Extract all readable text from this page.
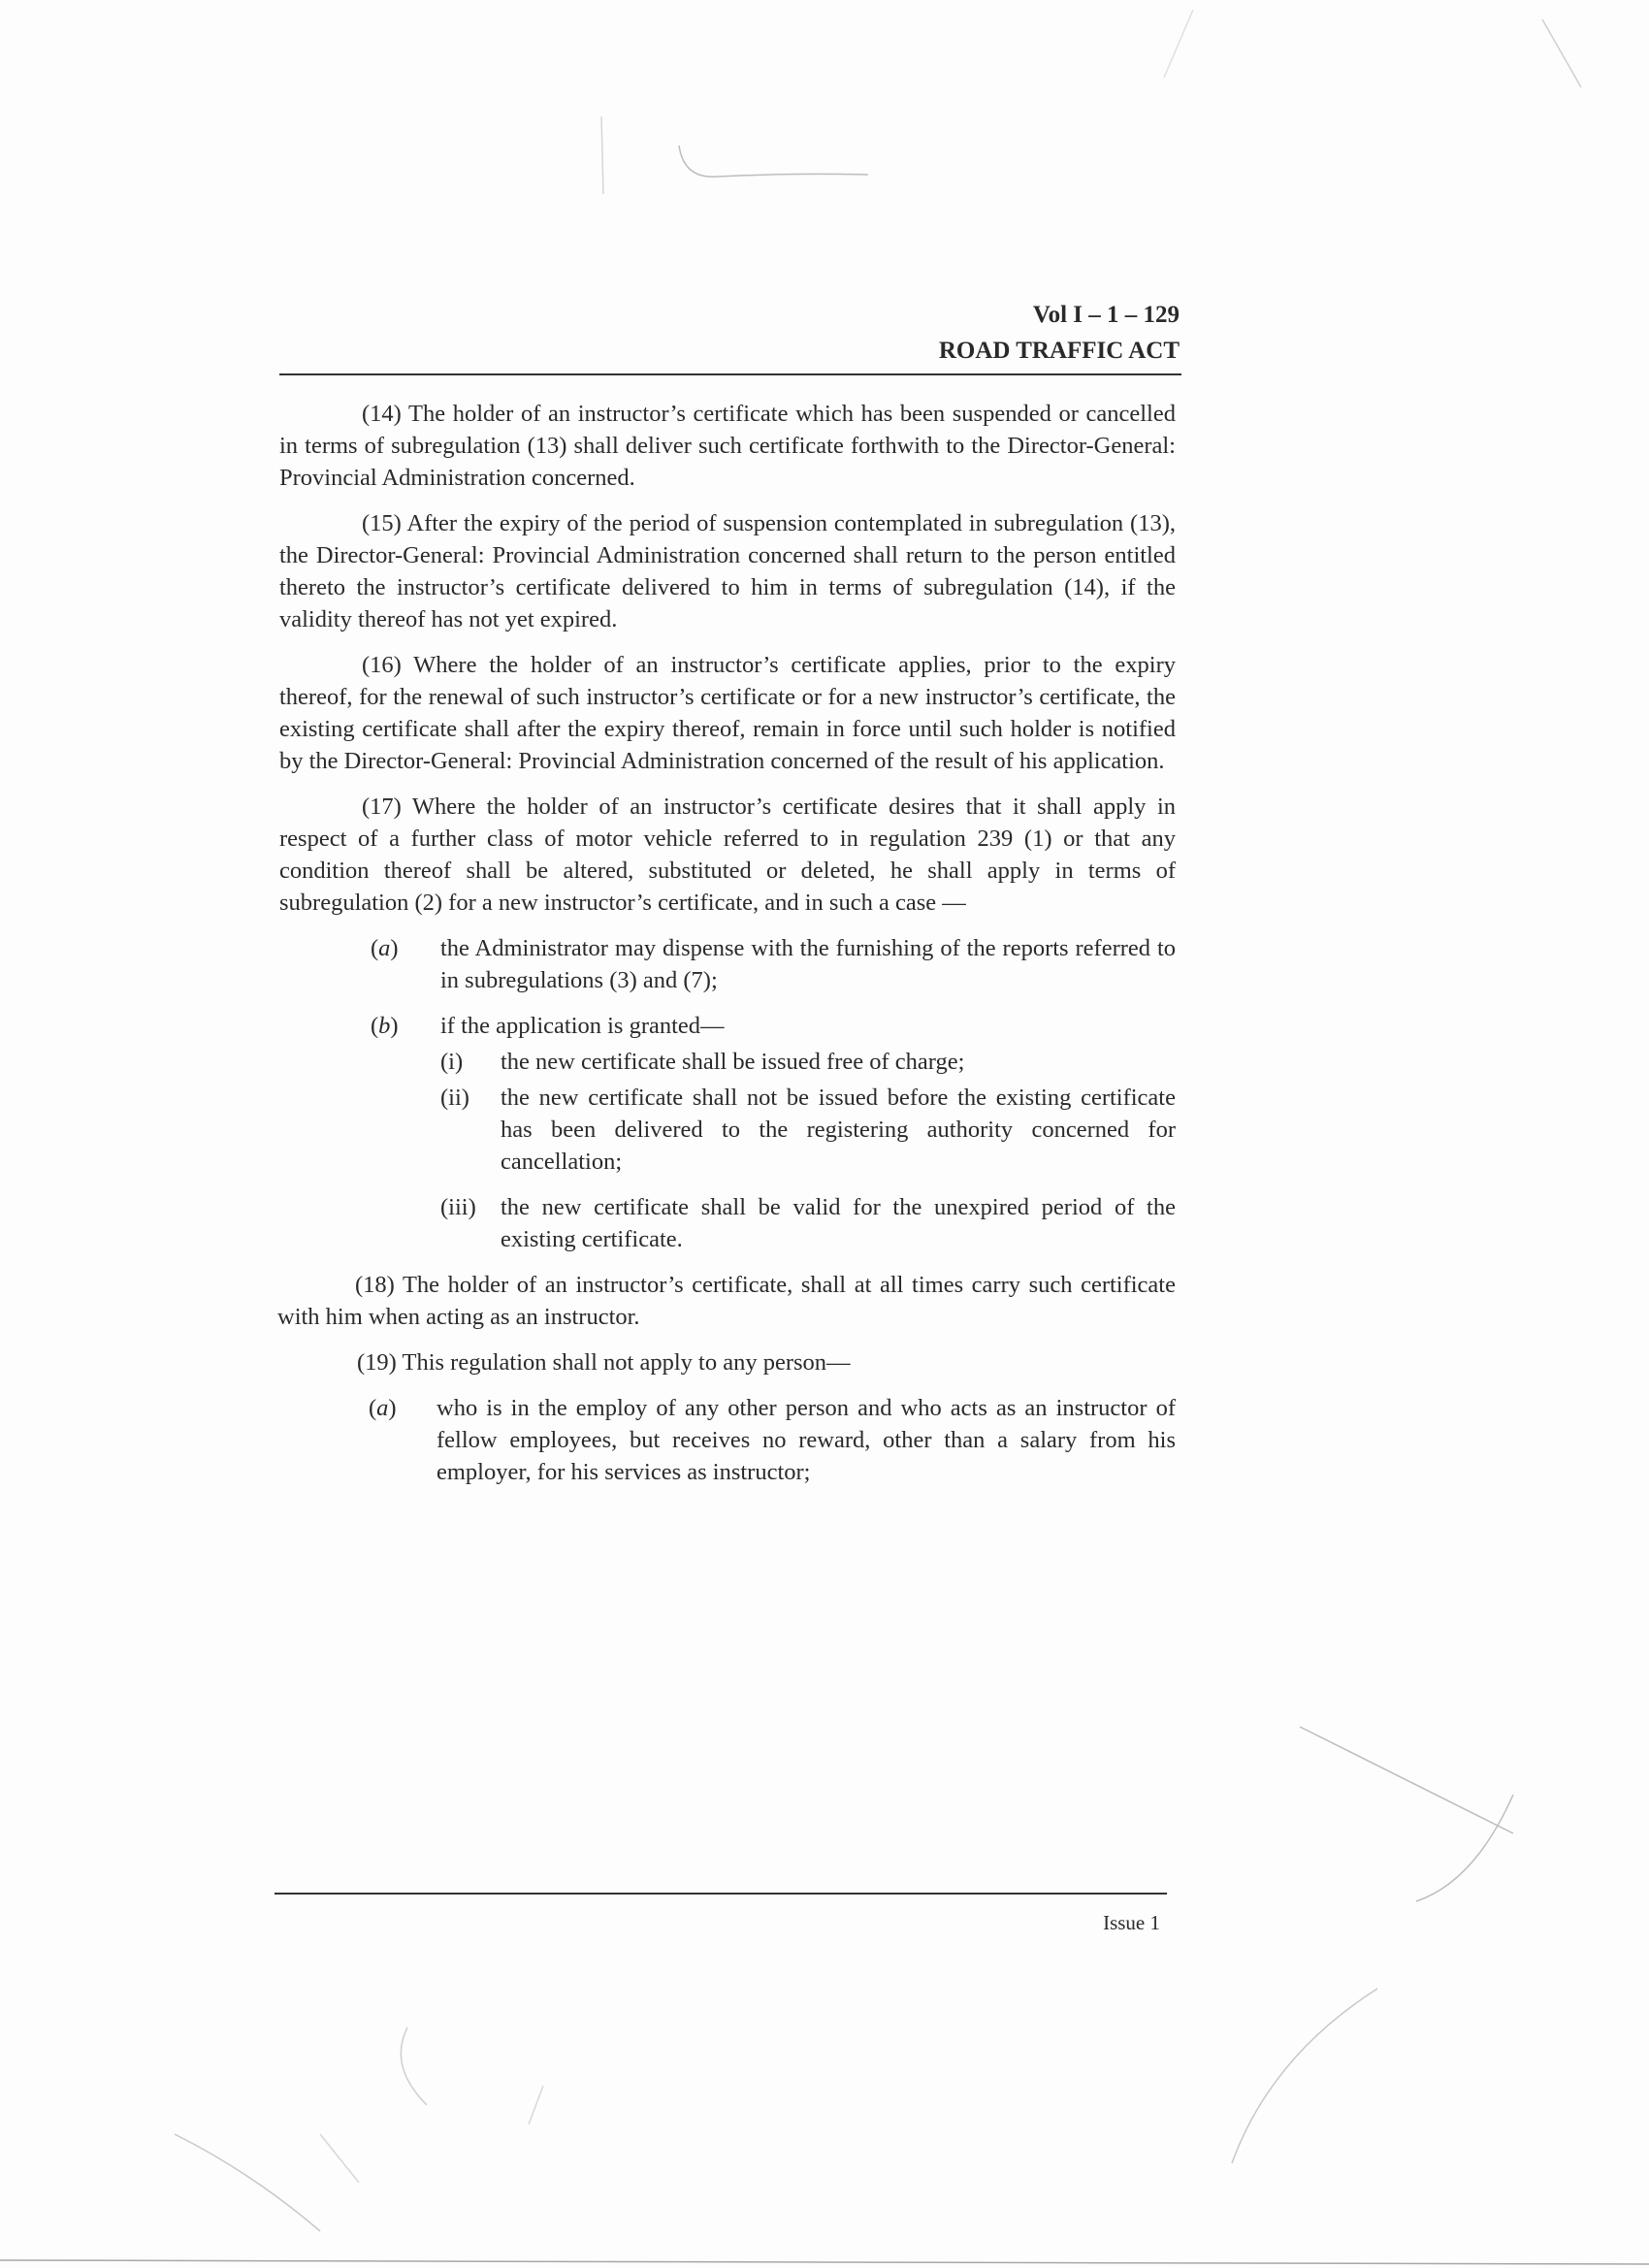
Vol I – 1 – 129
ROAD TRAFFIC ACT

(14) The holder of an instructor’s certificate which has been suspended or cancelled in terms of subregulation (13) shall deliver such certificate forthwith to the Director-General: Provincial Administration concerned.

(15) After the expiry of the period of suspension contemplated in subregulation (13), the Director-General: Provincial Administration concerned shall return to the person entitled thereto the instructor’s certificate delivered to him in terms of subregulation (14), if the validity thereof has not yet expired.

(16) Where the holder of an instructor’s certificate applies, prior to the expiry thereof, for the renewal of such instructor’s certificate or for a new instructor’s certificate, the existing certificate shall after the expiry thereof, remain in force until such holder is notified by the Director-General: Provincial Administration concerned of the result of his application.

(17) Where the holder of an instructor’s certificate desires that it shall apply in respect of a further class of motor vehicle referred to in regulation 239 (1) or that any condition thereof shall be altered, substituted or deleted, he shall apply in terms of subregulation (2) for a new instructor’s certificate, and in such a case —

(a)	the Administrator may dispense with the furnishing of the reports referred to in subregulations (3) and (7);
(b)	if the application is granted—
(i)	the new certificate shall be issued free of charge;
(ii)	the new certificate shall not be issued before the existing certificate has been delivered to the registering authority concerned for cancellation;
(iii)	the new certificate shall be valid for the unexpired period of the existing certificate.

(18) The holder of an instructor’s certificate, shall at all times carry such certificate with him when acting as an instructor.

(19) This regulation shall not apply to any person—

(a)	who is in the employ of any other person and who acts as an instructor of fellow employees, but receives no reward, other than a salary from his employer, for his services as instructor;
Issue 1
